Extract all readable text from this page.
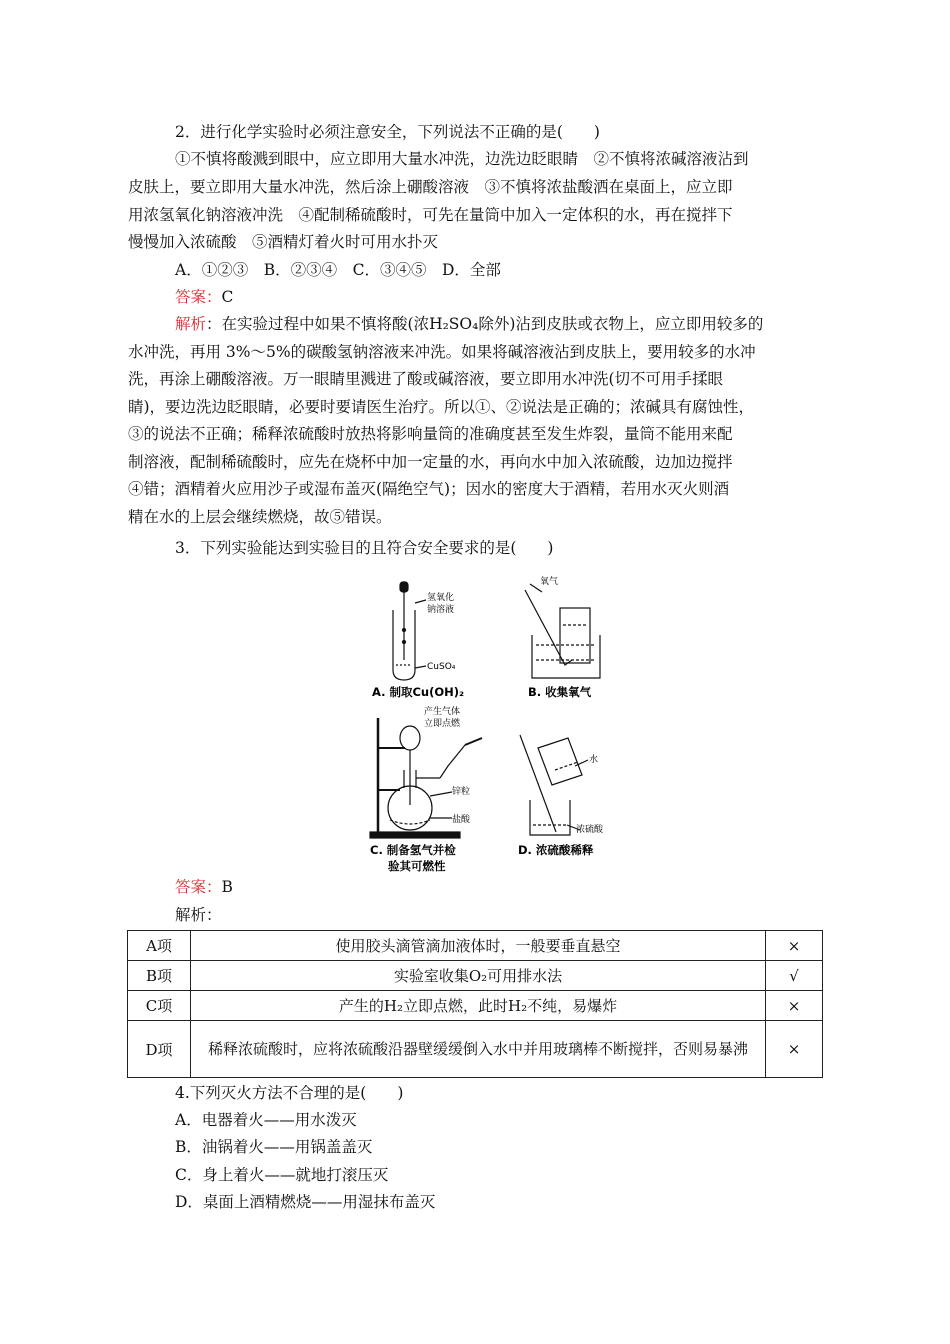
2．进行化学实验时必须注意安全，下列说法不正确的是(　　)

①不慎将酸溅到眼中，应立即用大量水冲洗，边洗边眨眼睛　②不慎将浓碱溶液沾到

皮肤上，要立即用大量水冲洗，然后涂上硼酸溶液　③不慎将浓盐酸洒在桌面上，应立即
用浓氢氧化钠溶液冲洗　④配制稀硫酸时，可先在量筒中加入一定体积的水，再在搅拌下
慢慢加入浓硫酸　⑤酒精灯着火时可用水扑灭
A．①②③　B．②③④　C．③④⑤　D．全部
答案：C
解析：在实验过程中如果不慎将酸(浓H₂SO₄除外)沾到皮肤或衣物上，应立即用较多的
水冲洗，再用 3%～5%的碳酸氢钠溶液来冲洗。如果将碱溶液沾到皮肤上，要用较多的水冲
洗，再涂上硼酸溶液。万一眼睛里溅进了酸或碱溶液，要立即用水冲洗(切不可用手揉眼
睛)，要边洗边眨眼睛，必要时要请医生治疗。所以①、②说法是正确的；浓碱具有腐蚀性，
③的说法不正确；稀释浓硫酸时放热将影响量筒的准确度甚至发生炸裂，量筒不能用来配
制溶液，配制稀硫酸时，应先在烧杯中加一定量的水，再向水中加入浓硫酸，边加边搅拌
④错；酒精着火应用沙子或湿布盖灭(隔绝空气)；因水的密度大于酒精，若用水灭火则酒
精在水的上层会继续燃烧，故⑤错误。
3．下列实验能达到实验目的且符合安全要求的是(　　)
氢氧化
钠溶液
CuSO₄
A. 制取Cu(OH)₂
氧气
B. 收集氧气
产生气体
立即点燃
锌粒
盐酸
C. 制备氢气并检
验其可燃性
水
浓硫酸
D. 浓硫酸稀释
答案：B
解析：
A项	使用胶头滴管滴加液体时，一般要垂直悬空	×
B项	实验室收集O₂可用排水法	√
C项	产生的H₂立即点燃，此时H₂不纯，易爆炸	×
D项	稀释浓硫酸时，应将浓硫酸沿器壁缓缓倒入水中并用玻璃棒不断搅拌，否则易暴沸	×
4.下列灭火方法不合理的是(　　)
A．电器着火——用水泼灭
B．油锅着火——用锅盖盖灭
C．身上着火——就地打滚压灭
D．桌面上酒精燃烧——用湿抹布盖灭
